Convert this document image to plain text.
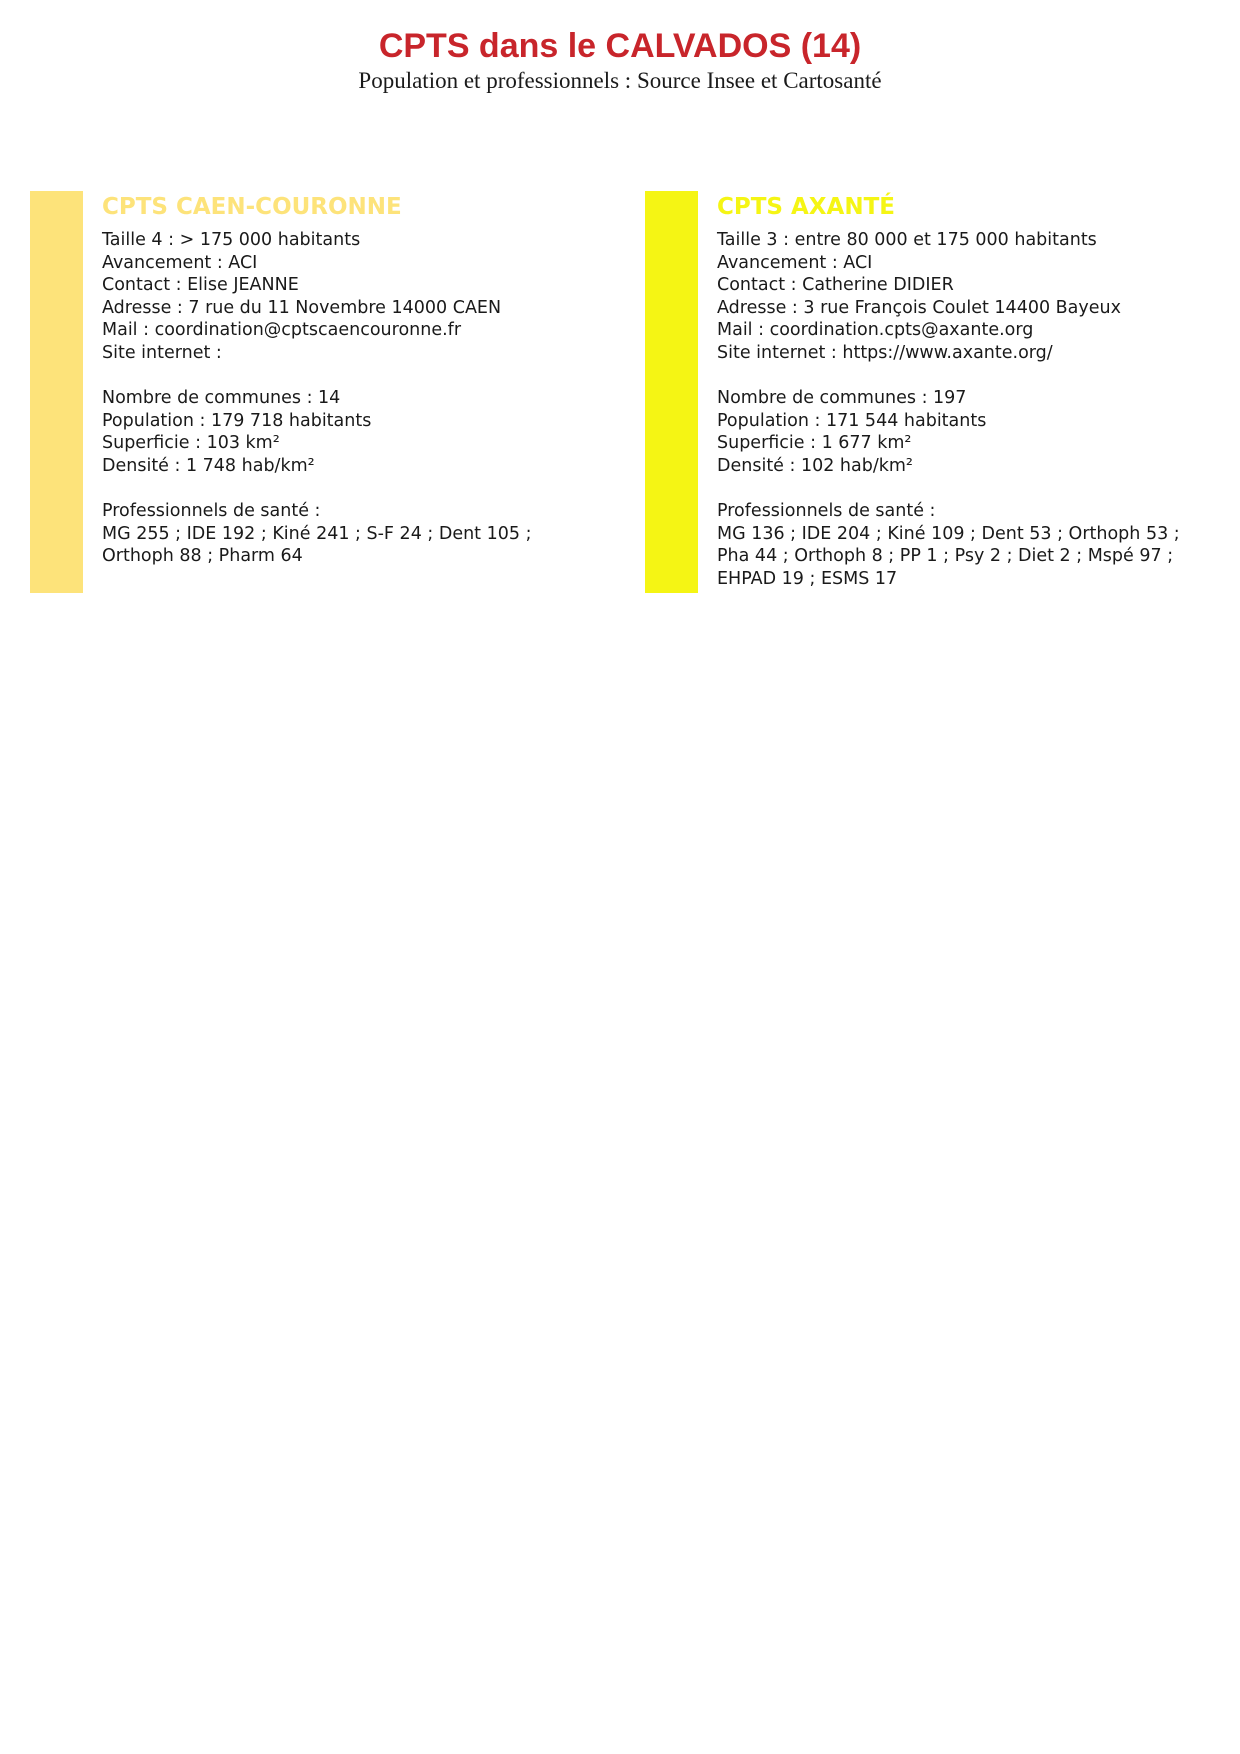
CPTS dans le CALVADOS (14)
Population et professionnels : Source Insee et Cartosanté
CPTS CAEN-COURONNE
Taille 4 : > 175 000 habitants
Avancement : ACI
Contact : Elise JEANNE
Adresse : 7 rue du 11 Novembre 14000 CAEN
Mail : coordination@cptscaencouronne.fr
Site internet :
Nombre de communes : 14
Population : 179 718 habitants
Superficie : 103 km²
Densité : 1 748 hab/km²
Professionnels de santé :
MG 255 ; IDE 192 ; Kiné 241 ; S-F 24 ; Dent 105 ;
Orthoph 88 ; Pharm 64
CPTS AXANTÉ
Taille 3 : entre 80 000 et 175 000 habitants
Avancement : ACI
Contact : Catherine DIDIER
Adresse : 3 rue François Coulet 14400 Bayeux
Mail : coordination.cpts@axante.org
Site internet : https://www.axante.org/
Nombre de communes : 197
Population : 171 544 habitants
Superficie : 1 677 km²
Densité : 102 hab/km²
Professionnels de santé :
MG 136 ; IDE 204 ; Kiné 109 ; Dent 53 ; Orthoph 53 ;
Pha 44 ; Orthoph 8 ; PP 1 ; Psy 2 ; Diet 2 ; Mspé 97 ;
EHPAD 19 ; ESMS 17
